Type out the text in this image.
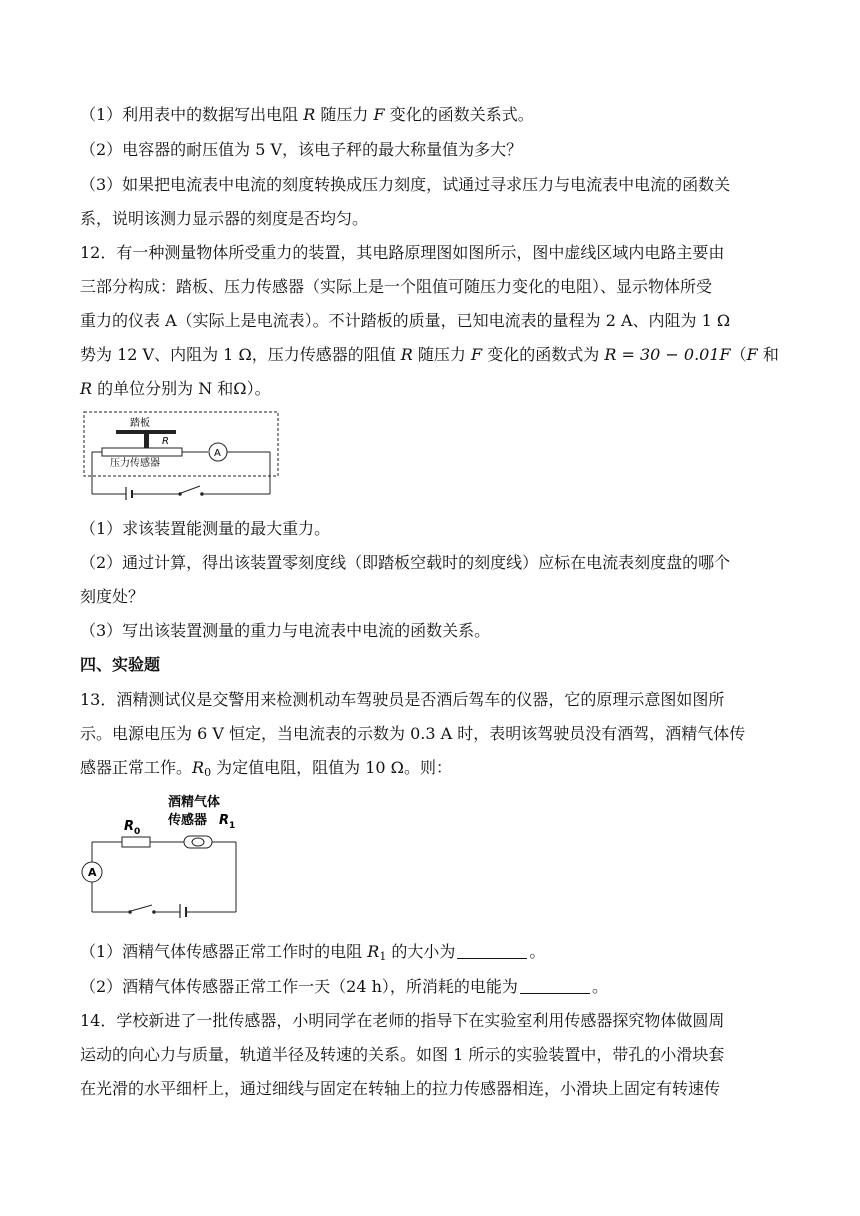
（1）利用表中的数据写出电阻 R 随压力 F 变化的函数关系式。
（2）电容器的耐压值为 5 V，该电子秤的最大称量值为多大？
（3）如果把电流表中电流的刻度转换成压力刻度，试通过寻求压力与电流表中电流的函数关
系，说明该测力显示器的刻度是否均匀。
12．有一种测量物体所受重力的装置，其电路原理图如图所示，图中虚线区域内电路主要由
三部分构成：踏板、压力传感器（实际上是一个阻值可随压力变化的电阻）、显示物体所受
重力的仪表 A（实际上是电流表）。不计踏板的质量，已知电流表的量程为 2 A、内阻为 1 Ω
势为 12 V、内阻为 1 Ω，压力传感器的阻值 R 随压力 F 变化的函数式为 R = 30 − 0.01F（F 和
R 的单位分别为 N 和Ω）。
踏板
R
压力传感器
A
（1）求该装置能测量的最大重力。
（2）通过计算，得出该装置零刻度线（即踏板空载时的刻度线）应标在电流表刻度盘的哪个
刻度处？
（3）写出该装置测量的重力与电流表中电流的函数关系。
四、实验题
13．酒精测试仪是交警用来检测机动车驾驶员是否酒后驾车的仪器，它的原理示意图如图所
示。电源电压为 6 V 恒定，当电流表的示数为 0.3 A 时，表明该驾驶员没有酒驾，酒精气体传
感器正常工作。$R_0$ 为定值电阻，阻值为 10 Ω。则：
酒精气体
传感器 R 1
R 0
A
（1）酒精气体传感器正常工作时的电阻 $R_1$ 的大小为	。
（2）酒精气体传感器正常工作一天（24 h），所消耗的电能为	。
14．学校新进了一批传感器，小明同学在老师的指导下在实验室利用传感器探究物体做圆周
运动的向心力与质量，轨道半径及转速的关系。如图 1 所示的实验装置中，带孔的小滑块套
在光滑的水平细杆上，通过细线与固定在转轴上的拉力传感器相连，小滑块上固定有转速传
